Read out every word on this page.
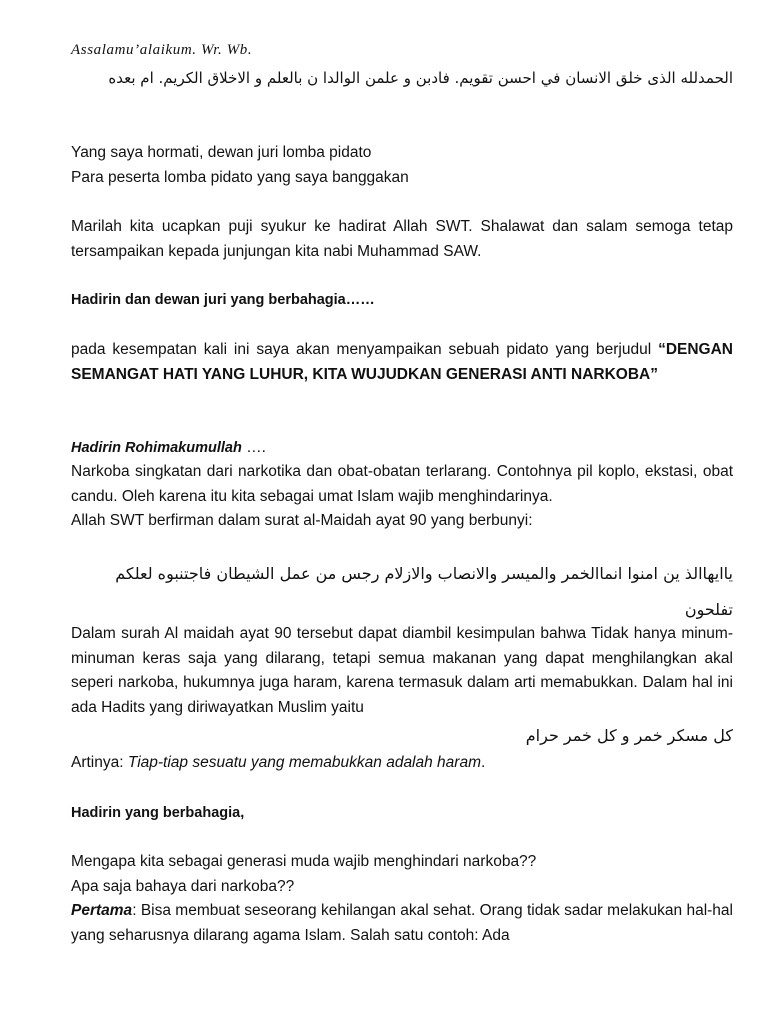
Assalamu’alaikum. Wr. Wb.

الحمدلله الذى خلق الانسان في احسن تقويم. فادبن و علمن الوالدا ن بالعلم و الاخلاق الكريم. ام بعده

Yang saya hormati, dewan juri lomba pidato
Para peserta lomba pidato yang saya banggakan

Marilah kita ucapkan puji syukur ke hadirat Allah SWT. Shalawat dan salam semoga tetap tersampaikan kepada junjungan kita nabi Muhammad SAW.

Hadirin dan dewan juri yang berbahagia……

pada kesempatan kali ini saya akan menyampaikan sebuah pidato yang berjudul “DENGAN SEMANGAT HATI YANG LUHUR, KITA WUJUDKAN GENERASI ANTI NARKOBA”

Hadirin Rohimakumullah ….

Narkoba singkatan dari narkotika dan obat-obatan terlarang. Contohnya pil koplo, ekstasi, obat candu. Oleh karena itu kita sebagai umat Islam wajib menghindarinya.

Allah SWT berfirman dalam surat al-Maidah ayat 90 yang berbunyi:

ياايهاالذ ين امنوا انماالخمر والميسر والانصاب والازلام رجس من عمل الشيطان فاجتنبوه لعلكم تفلحون

Dalam surah Al maidah ayat 90 tersebut dapat diambil kesimpulan bahwa Tidak hanya minum-minuman keras saja yang dilarang, tetapi semua makanan yang dapat menghilangkan akal seperi narkoba, hukumnya juga haram, karena termasuk dalam arti memabukkan. Dalam hal ini ada Hadits yang diriwayatkan Muslim yaitu

كل مسكر خمر و كل خمر حرام

Artinya: Tiap-tiap sesuatu yang memabukkan adalah haram.

Hadirin yang berbahagia,

Mengapa kita sebagai generasi muda wajib menghindari narkoba??
Apa saja bahaya dari narkoba??

Pertama: Bisa membuat seseorang kehilangan akal sehat. Orang tidak sadar melakukan hal-hal yang seharusnya dilarang agama Islam. Salah satu contoh: Ada
